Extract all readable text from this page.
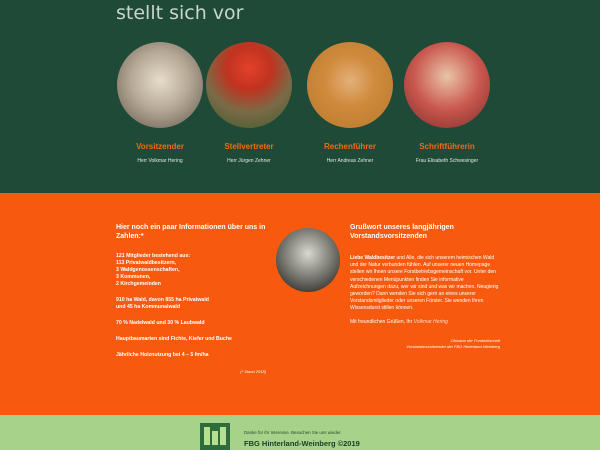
stellt sich vor
Vorsitzender
Herr Volkmar Hering
Stellvertreter
Herr Jürgen Zehner
Rechenführer
Herr Andreas Zehner
Schriftführerin
Frau Elisabeth Schwesinger
Hier noch ein paar Informationen über uns in Zahlen:*

121 Mitglieder bestehend aus:
113 Privatwaldbesitzern,
3 Waldgenossenschaften,
3 Kommunen,
2 Kirchgemeinden

910 ha Wald, davon 855 ha Privatwald
und 45 ha Kommunalwald

70 % Nadelwald und 30 % Laubwald

Hauptbaumarten sind Fichte, Kiefer und Buche

Jährliche Holznutzung bei 4 – 5 fm/ha

(* Stand 2018)

Grußwort unseres langjährigen Vorstandsvorsitzenden

Liebe Waldbesitzer und Alle, die sich unserem heimischen Wald und der Natur verbunden fühlen. Auf unserer neuen Homepage stellen wir Ihnen unsere Forstbetriebsgemeinschaft vor. Unter den verschiedenen Menüpunkten finden Sie informative Aufzeichnungen dazu, wer wir sind und was wir machen. Neugierig geworden? Dann wenden Sie sich gern an eines unserer Vorstandsmitglieder oder unseren Förster. Sie wenden Ihren Wissensdurst stillen können.

Mit freundlichen Grüßen, Ihr Volkmar Hering

Obmann der Forstwirtschaft

Vorstandsvorsitzender der FBG Hinterland-Weinberg

Danke für Ihr Interesse. Besuchen Sie uns wieder.
FBG Hinterland-Weinberg ©2019
